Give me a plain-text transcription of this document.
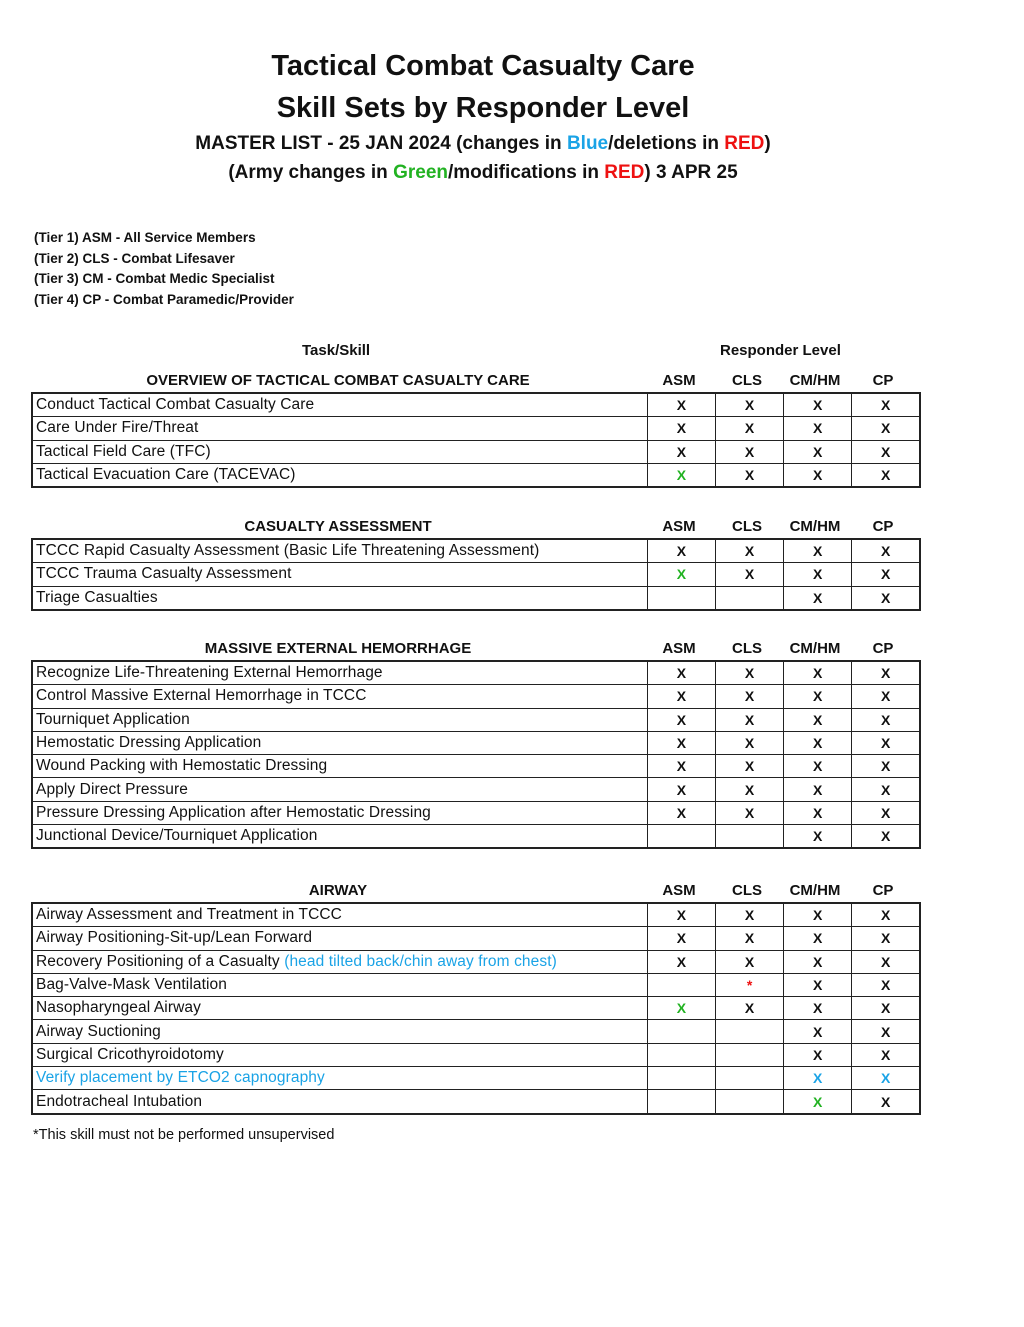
Tactical Combat Casualty Care
Skill Sets by Responder Level

MASTER LIST - 25 JAN 2024 (changes in Blue/deletions in RED)

(Army changes in Green/modifications in RED) 3 APR 25

(Tier 1) ASM - All Service Members
(Tier 2) CLS - Combat Lifesaver
(Tier 3) CM - Combat Medic Specialist
(Tier 4) CP - Combat Paramedic/Provider
Task/Skill	Responder Level
OVERVIEW OF TACTICAL COMBAT CASUALTY CARE	ASM	CLS	CM/HM	CP
Conduct Tactical Combat Casualty Care	X	X	X	X
Care Under Fire/Threat	X	X	X	X
Tactical Field Care (TFC)	X	X	X	X
Tactical Evacuation Care (TACEVAC)	X	X	X	X
CASUALTY ASSESSMENT	ASM	CLS	CM/HM	CP
TCCC Rapid Casualty Assessment (Basic Life Threatening Assessment)	X	X	X	X
TCCC Trauma Casualty Assessment	X	X	X	X
Triage Casualties			X	X
MASSIVE EXTERNAL HEMORRHAGE	ASM	CLS	CM/HM	CP
Recognize Life-Threatening External Hemorrhage	X	X	X	X
Control Massive External Hemorrhage in TCCC	X	X	X	X
Tourniquet Application	X	X	X	X
Hemostatic Dressing Application	X	X	X	X
Wound Packing with Hemostatic Dressing	X	X	X	X
Apply Direct Pressure	X	X	X	X
Pressure Dressing Application after Hemostatic Dressing	X	X	X	X
Junctional Device/Tourniquet Application			X	X
AIRWAY	ASM	CLS	CM/HM	CP
Airway Assessment and Treatment in TCCC	X	X	X	X
Airway Positioning-Sit-up/Lean Forward	X	X	X	X
Recovery Positioning of a Casualty (head tilted back/chin away from chest)	X	X	X	X
Bag-Valve-Mask Ventilation		*	X	X
Nasopharyngeal Airway	X	X	X	X
Airway Suctioning			X	X
Surgical Cricothyroidotomy			X	X
Verify placement by ETCO2 capnography			X	X
Endotracheal Intubation			X	X
*This skill must not be performed unsupervised
